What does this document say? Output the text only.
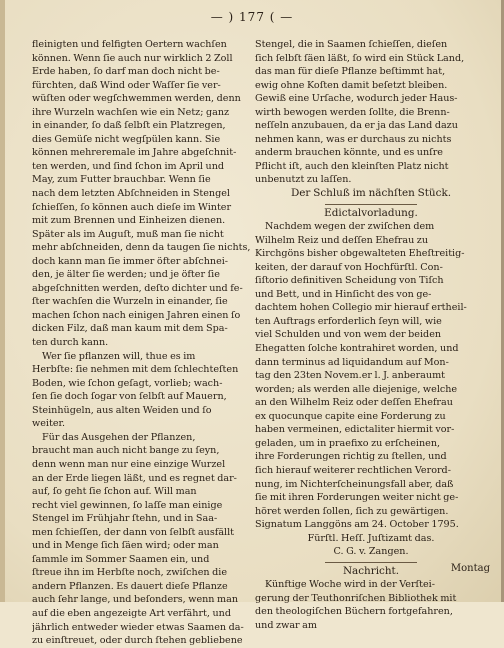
— ) 177 ( —
fleinigten und felfigten Oertern wachſen
können. Wenn ſie auch nur wirklich 2 Zoll
Erde haben, ſo darf man doch nicht be-
fürchten, daß Wind oder Waſſer ſie ver-
wüſten oder wegſchwemmen werden, denn
ihre Wurzeln wachſen wie ein Netz; ganz
in einander, ſo daß ſelbſt ein Platzregen,
dies Gemüſe nicht wegſpülen kann. Sie
können mehreremale im Jahre abgeſchnit-
ten werden, und ſind ſchon im April und
May, zum Futter brauchbar. Wenn ſie
nach dem letzten Abſchneiden in Stengel
ſchieſſen, ſo können auch dieſe im Winter
mit zum Brennen und Einheizen dienen.
Später als im Auguſt, muß man ſie nicht
mehr abſchneiden, denn da taugen ſie nichts,
doch kann man ſie immer öfter abſchnei-
den, je älter ſie werden; und je öfter ſie
abgeſchnitten werden, deſto dichter und fe-
ſter wachſen die Wurzeln in einander, ſie
machen ſchon nach einigen Jahren einen ſo
dicken Filz, daß man kaum mit dem Spa-
ten durch kann.
Wer ſie pflanzen will, thue es im
Herbſte: ſie nehmen mit dem ſchlechteſten
Boden, wie ſchon geſagt, vorlieb; wach-
ſen ſie doch ſogar von ſelbſt auf Mauern,
Steinhügeln, aus alten Weiden und ſo
weiter.
Für das Ausgehen der Pflanzen,
braucht man auch nicht bange zu ſeyn,
denn wenn man nur eine einzige Wurzel
an der Erde liegen läßt, und es regnet dar-
auf, ſo geht ſie ſchon auf. Will man
recht viel gewinnen, ſo laſſe man einige
Stengel im Frühjahr ſtehn, und in Saa-
men ſchieſſen, der dann von ſelbſt ausfällt
und in Menge ſich ſäen wird; oder man
ſammle im Sommer Saamen ein, und
ſtreue ihn im Herbſte noch, zwiſchen die
andern Pflanzen. Es dauert dieſe Pflanze
auch ſehr lange, und beſonders, wenn man
auf die eben angezeigte Art verfährt, und
jährlich entweder wieder etwas Saamen da-
zu einſtreuet, oder durch ſtehen gebliebene
Stengel, die in Saamen ſchieſſen, dieſen
ſich ſelbſt ſäen läßt, ſo wird ein Stück Land,
das man für dieſe Pflanze beſtimmt hat,
ewig ohne Koſten damit beſetzt bleiben.
Gewiß eine Urſache, wodurch jeder Haus-
wirth bewogen werden ſollte, die Brenn-
neſſeln anzubauen, da er ja das Land dazu
nehmen kann, was er durchaus zu nichts
anderm brauchen könnte, und es unſre
Pflicht iſt, auch den kleinſten Platz nicht
unbenutzt zu laſſen.
Der Schluß im nächſten Stück.
Edictalvorladung.
Nachdem wegen der zwiſchen dem
Wilhelm Reiz und deſſen Ehefrau zu
Kirchgöns bisher obgewalteten Eheſtreitig-
keiten, der darauf von Hochfürſtl. Con-
ſiſtorio definitiven Scheidung von Tiſch
und Bett, und in Hinſicht des von ge-
dachtem hohen Collegio mir hierauf ertheil-
ten Auftrags erforderlich ſeyn will, wie
viel Schulden und von wem der beiden
Ehegatten ſolche kontrahiret worden, und
dann terminus ad liquidandum auf Mon-
tag den 23ten Novem.er l. J. anberaumt
worden; als werden alle diejenige, welche
an den Wilhelm Reiz oder deſſen Ehefrau
ex quocunque capite eine Forderung zu
haben vermeinen, edictaliter hiermit vor-
geladen, um in praefixo zu erſcheinen,
ihre Forderungen richtig zu ſtellen, und
ſich hierauf weiterer rechtlichen Verord-
nung, im Nichterſcheinungsfall aber, daß
ſie mit ihren Forderungen weiter nicht ge-
höret werden ſollen, ſich zu gewärtigen.
Signatum Langgöns am 24. October 1795.
Fürſtl. Heſſ. Juſtizamt das.
C. G. v. Zangen.
Nachricht.
Künftige Woche wird in der Verſtei-
gerung der Teuthonriſchen Bibliothek mit
den theologiſchen Büchern fortgefahren,
und zwar am
Montag
